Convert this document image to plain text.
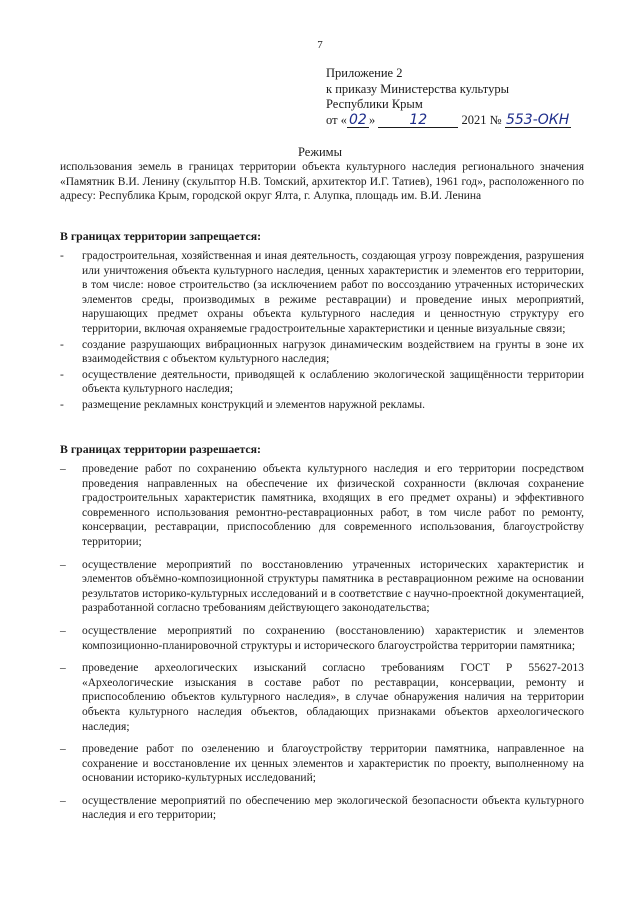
7
Приложение 2
к приказу Министерства культуры
Республики Крым
от « 02 » 12	2021 № 553-ОКН
Режимы
использования земель в границах территории объекта культурного наследия регионального значения «Памятник В.И. Ленину (скульптор Н.В. Томский, архитектор И.Г. Татиев), 1961 год», расположенного по адресу: Республика Крым, городской округ Ялта, г. Алупка, площадь им. В.И. Ленина
В границах территории запрещается:
- градостроительная, хозяйственная и иная деятельность, создающая угрозу повреждения, разрушения или уничтожения объекта культурного наследия, ценных характеристик и элементов его территории, в том числе: новое строительство (за исключением работ по воссозданию утраченных исторических элементов среды, производимых в режиме реставрации) и проведение иных мероприятий, нарушающих предмет охраны объекта культурного наследия и ценностную структуру его территории, включая охраняемые градостроительные характеристики и ценные визуальные связи;
- создание разрушающих вибрационных нагрузок динамическим воздействием на грунты в зоне их взаимодействия с объектом культурного наследия;
- осуществление деятельности, приводящей к ослаблению экологической защищённости территории объекта культурного наследия;
- размещение рекламных конструкций и элементов наружной рекламы.
В границах территории разрешается:
– проведение работ по сохранению объекта культурного наследия и его территории посредством проведения направленных на обеспечение их физической сохранности (включая сохранение градостроительных характеристик памятника, входящих в его предмет охраны) и эффективного современного использования ремонтно-реставрационных работ, в том числе работ по ремонту, консервации, реставрации, приспособлению для современного использования, благоустройству территории;
– осуществление мероприятий по восстановлению утраченных исторических характеристик и элементов объёмно-композиционной структуры памятника в реставрационном режиме на основании результатов историко-культурных исследований и в соответствие с научно-проектной документацией, разработанной согласно требованиям действующего законодательства;
– осуществление мероприятий по сохранению (восстановлению) характеристик и элементов композиционно-планировочной структуры и исторического благоустройства территории памятника;
– проведение археологических изысканий согласно требованиям ГОСТ Р 55627-2013 «Археологические изыскания в составе работ по реставрации, консервации, ремонту и приспособлению объектов культурного наследия», в случае обнаружения наличия на территории объекта культурного наследия объектов, обладающих признаками объектов археологического наследия;
– проведение работ по озеленению и благоустройству территории памятника, направленное на сохранение и восстановление их ценных элементов и характеристик по проекту, выполненному на основании историко-культурных исследований;
– осуществление мероприятий по обеспечению мер экологической безопасности объекта культурного наследия и его территории;
